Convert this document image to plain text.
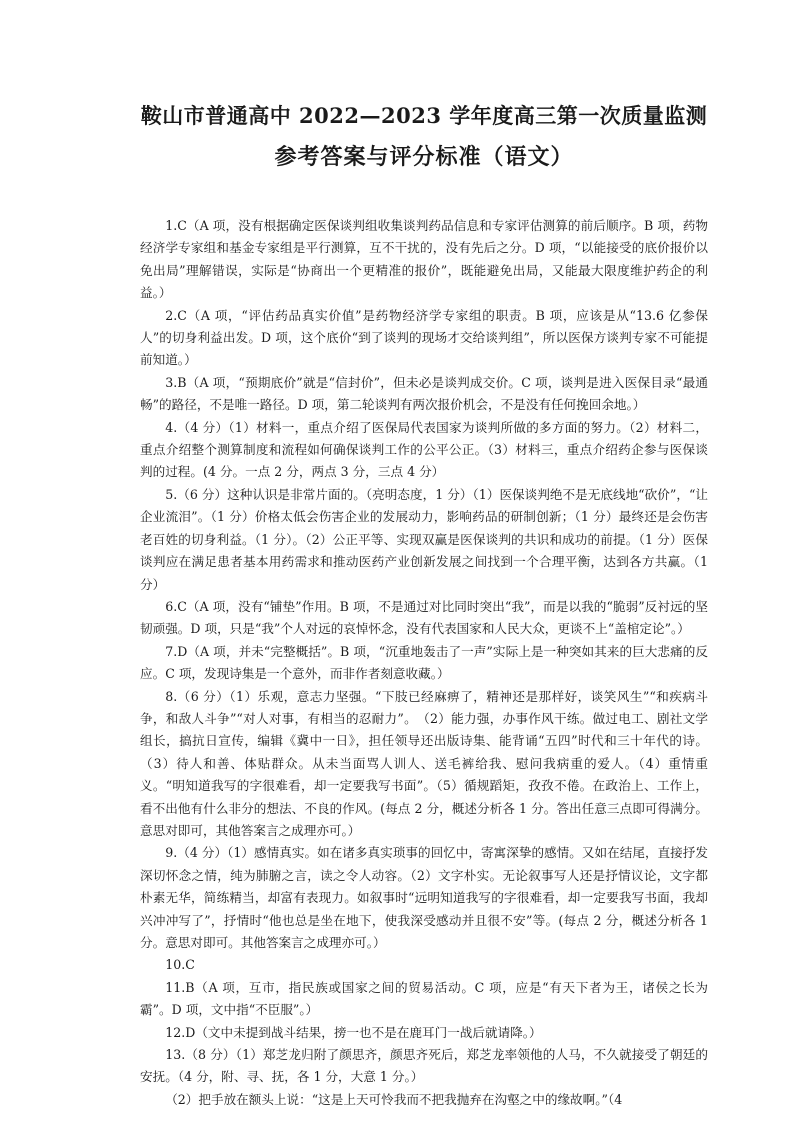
鞍山市普通高中 2022—2023 学年度高三第一次质量监测
参考答案与评分标准（语文）

1.C（A 项，没有根据确定医保谈判组收集谈判药品信息和专家评估测算的前后顺序。B 项，药物经济学专家组和基金专家组是平行测算，互不干扰的，没有先后之分。D 项，“以能接受的底价报价以免出局”理解错误，实际是“协商出一个更精准的报价”，既能避免出局，又能最大限度维护药企的利益。）

2.C（A 项，“评估药品真实价值”是药物经济学专家组的职责。B 项，应该是从“13.6 亿参保人”的切身利益出发。D 项，这个底价“到了谈判的现场才交给谈判组”，所以医保方谈判专家不可能提前知道。）

3.B（A 项，“预期底价”就是“信封价”，但未必是谈判成交价。C 项，谈判是进入医保目录“最通畅”的路径，不是唯一路径。D 项，第二轮谈判有两次报价机会，不是没有任何挽回余地。）

4.（4 分）（1）材料一，重点介绍了医保局代表国家为谈判所做的多方面的努力。（2）材料二，重点介绍整个测算制度和流程如何确保谈判工作的公平公正。（3）材料三，重点介绍药企参与医保谈判的过程。(4 分。一点 2 分，两点 3 分，三点 4 分）

5.（6 分）这种认识是非常片面的。（亮明态度，1 分）（1）医保谈判绝不是无底线地“砍价”，“让企业流泪”。（1 分）价格太低会伤害企业的发展动力，影响药品的研制创新；（1 分）最终还是会伤害老百姓的切身利益。（1 分）。（2）公正平等、实现双赢是医保谈判的共识和成功的前提。（1 分）医保谈判应在满足患者基本用药需求和推动医药产业创新发展之间找到一个合理平衡，达到各方共赢。（1 分）

6.C（A 项，没有“铺垫”作用。B 项，不是通过对比同时突出“我”，而是以我的“脆弱”反衬远的坚韧顽强。D 项，只是“我”个人对远的哀悼怀念，没有代表国家和人民大众，更谈不上“盖棺定论”。）

7.D（A 项，并未“完整概括”。B 项，“沉重地轰击了一声”实际上是一种突如其来的巨大悲痛的反应。C 项，发现诗集是一个意外，而非作者刻意收藏。）

8.（6 分）（1）乐观，意志力坚强。“下肢已经麻痹了，精神还是那样好，谈笑风生”“和疾病斗争，和敌人斗争”“对人对事，有相当的忍耐力”。　（2）能力强，办事作风干练。做过电工、剧社文学组长，搞抗日宣传，编辑《冀中一日》，担任领导还出版诗集、能背诵“五四”时代和三十年代的诗。（3）待人和善、体贴群众。从未当面骂人训人、送毛裤给我、慰问我病重的爱人。（4）重情重义。“明知道我写的字很难看，却一定要我写书面”。（5）循规蹈矩，孜孜不倦。在政治上、工作上，看不出他有什么非分的想法、不良的作风。(每点 2 分，概述分析各 1 分。答出任意三点即可得满分。意思对即可，其他答案言之成理亦可。）

9.（4 分）（1）感情真实。如在诸多真实琐事的回忆中，寄寓深挚的感情。又如在结尾，直接抒发深切怀念之情，纯为肺腑之言，读之令人动容。（2）文字朴实。无论叙事写人还是抒情议论，文字都朴素无华，简练精当，却富有表现力。如叙事时“远明知道我写的字很难看，却一定要我写书面，我却兴冲冲写了”，抒情时“他也总是坐在地下，使我深受感动并且很不安”等。(每点 2 分，概述分析各 1 分。意思对即可。其他答案言之成理亦可。）

10.C

11.B（A 项，互市，指民族或国家之间的贸易活动。C 项，应是“有天下者为王，诸侯之长为霸”。D 项，文中指“不臣服”。）

12.D（文中未提到战斗结果，搒一也不是在鹿耳门一战后就请降。）

13.（8 分）（1）郑芝龙归附了颜思齐，颜思齐死后，郑芝龙率领他的人马，不久就接受了朝廷的安抚。（4 分，附、寻、抚，各 1 分，大意 1 分。）

（2）把手放在额头上说：“这是上天可怜我而不把我抛弃在沟壑之中的缘故啊。”（4
